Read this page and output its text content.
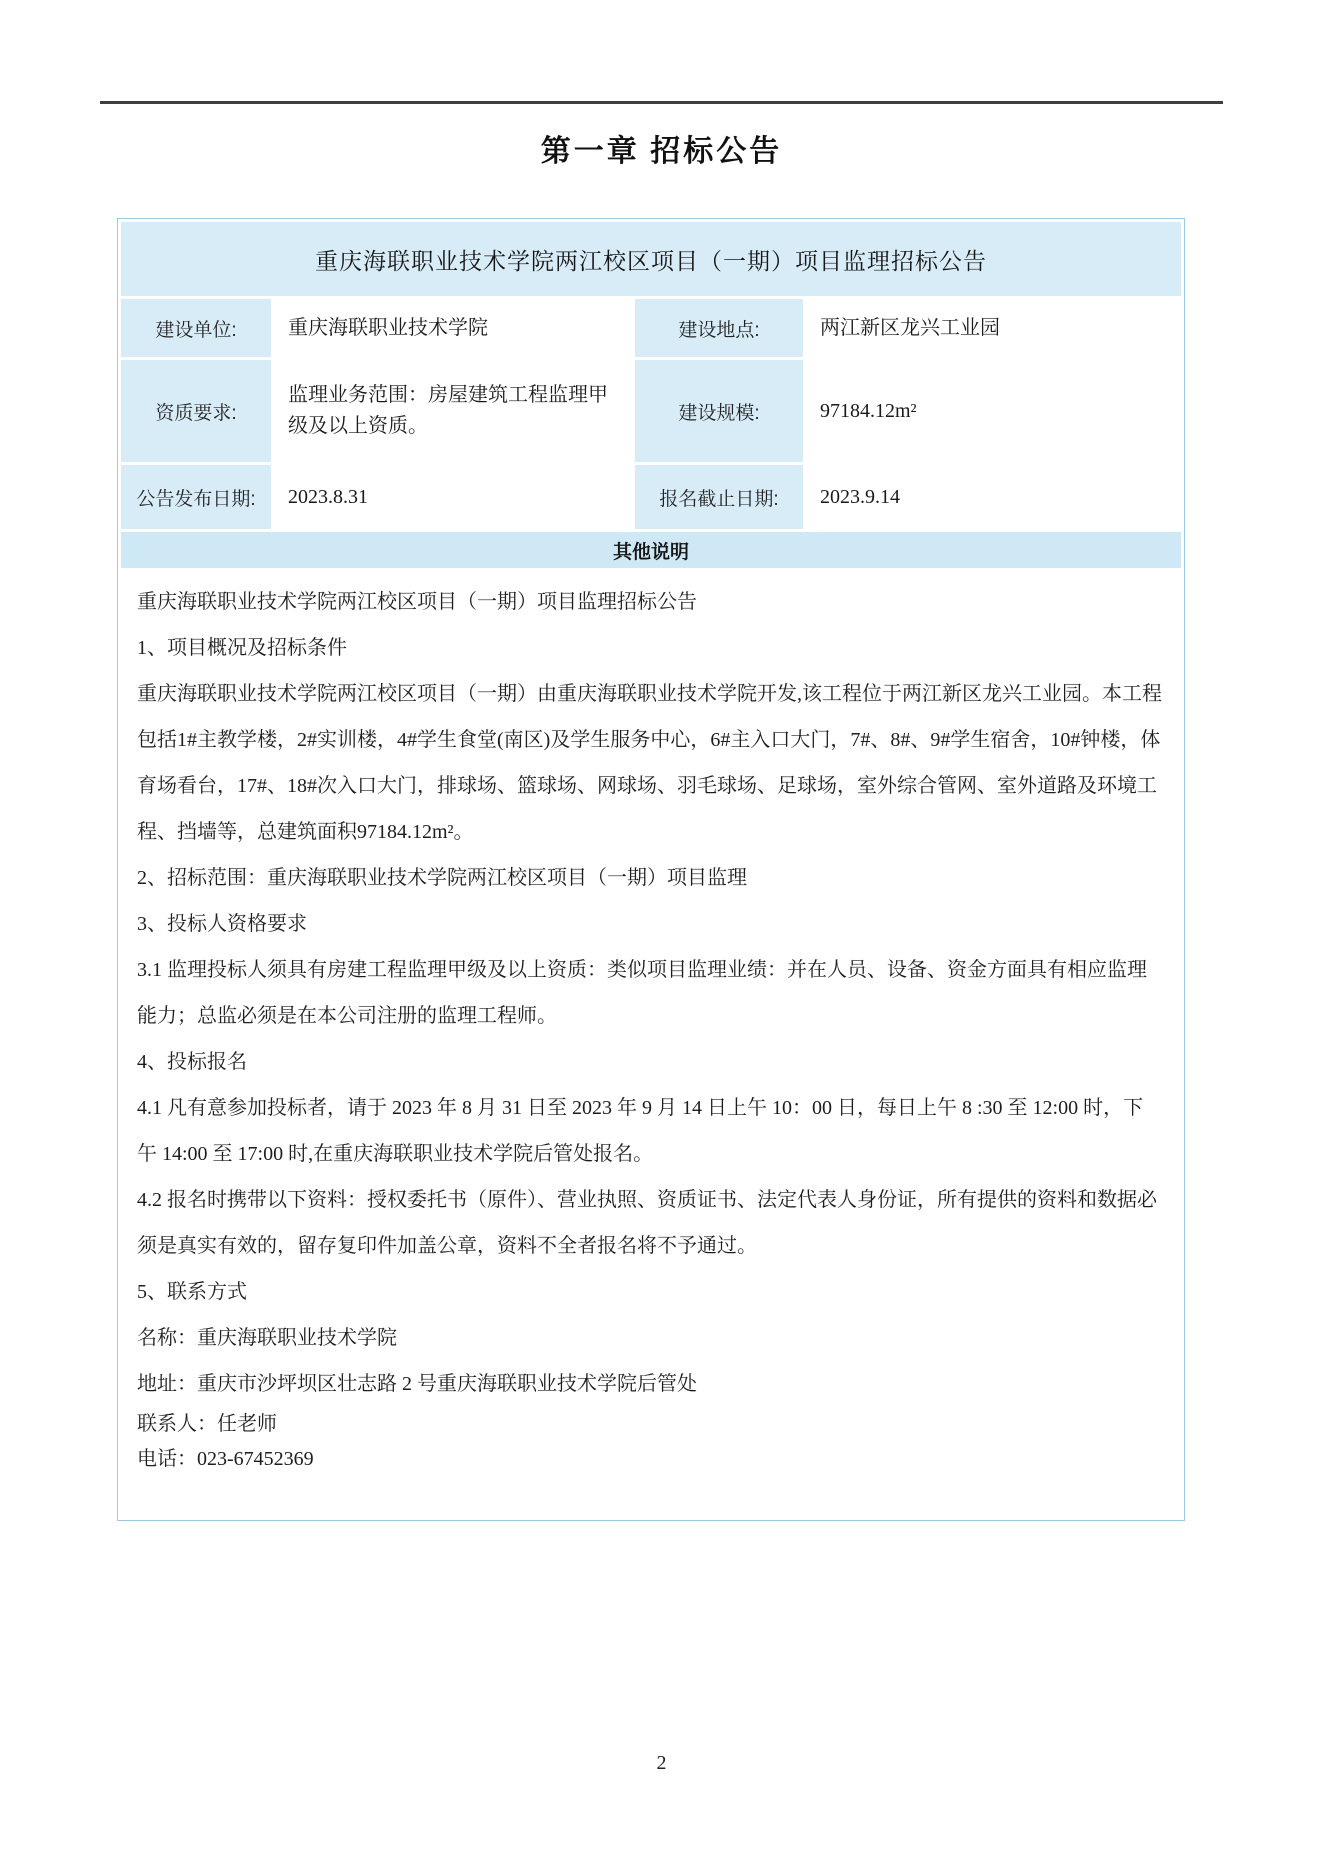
第一章 招标公告
重庆海联职业技术学院两江校区项目（一期）项目监理招标公告			
建设单位:	重庆海联职业技术学院	建设地点:	两江新区龙兴工业园
资质要求:	监理业务范围：房屋建筑工程监理甲级及以上资质。	建设规模:	97184.12m²
公告发布日期:	2023.8.31	报名截止日期:	2023.9.14
其他说明			

重庆海联职业技术学院两江校区项目（一期）项目监理招标公告

1、项目概况及招标条件

重庆海联职业技术学院两江校区项目（一期）由重庆海联职业技术学院开发,该工程位于两江新区龙兴工业园。本工程包括1#主教学楼，2#实训楼，4#学生食堂(南区)及学生服务中心，6#主入口大门，7#、8#、9#学生宿舍，10#钟楼，体育场看台，17#、18#次入口大门，排球场、篮球场、网球场、羽毛球场、足球场，室外综合管网、室外道路及环境工程、挡墙等，总建筑面积97184.12m²。

2、招标范围：重庆海联职业技术学院两江校区项目（一期）项目监理

3、投标人资格要求

3.1 监理投标人须具有房建工程监理甲级及以上资质：类似项目监理业绩：并在人员、设备、资金方面具有相应监理能力；总监必须是在本公司注册的监理工程师。

4、投标报名

4.1 凡有意参加投标者，请于 2023 年 8 月 31 日至 2023 年 9 月 14 日上午 10：00 日，每日上午 8 :30 至 12:00 时，下午 14:00 至 17:00 时,在重庆海联职业技术学院后管处报名。

4.2 报名时携带以下资料：授权委托书（原件）、营业执照、资质证书、法定代表人身份证，所有提供的资料和数据必须是真实有效的，留存复印件加盖公章，资料不全者报名将不予通过。

5、联系方式

名称：重庆海联职业技术学院

地址：重庆市沙坪坝区壮志路 2 号重庆海联职业技术学院后管处

联系人：任老师

电话：023-67452369

2
